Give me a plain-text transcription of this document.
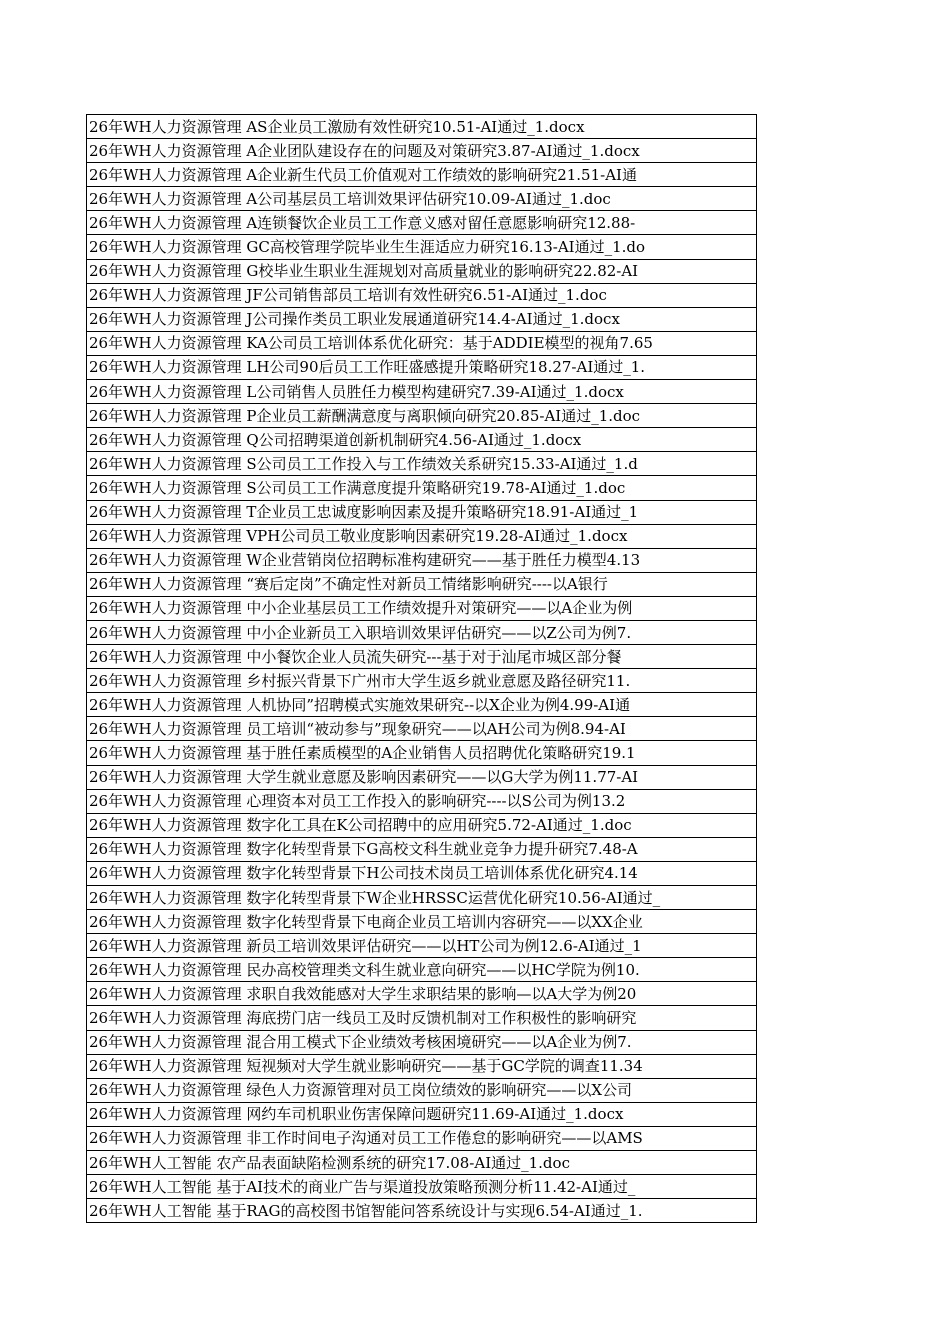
26年WH人力资源管理 AS企业员工激励有效性研究10.51-AI通过_1.docx
26年WH人力资源管理 A企业团队建设存在的问题及对策研究3.87-AI通过_1.docx
26年WH人力资源管理 A企业新生代员工价值观对工作绩效的影响研究21.51-AI通
26年WH人力资源管理 A公司基层员工培训效果评估研究10.09-AI通过_1.doc
26年WH人力资源管理 A连锁餐饮企业员工工作意义感对留任意愿影响研究12.88-
26年WH人力资源管理 GC高校管理学院毕业生生涯适应力研究16.13-AI通过_1.do
26年WH人力资源管理 G校毕业生职业生涯规划对高质量就业的影响研究22.82-AI
26年WH人力资源管理 JF公司销售部员工培训有效性研究6.51-AI通过_1.doc
26年WH人力资源管理 J公司操作类员工职业发展通道研究14.4-AI通过_1.docx
26年WH人力资源管理 KA公司员工培训体系优化研究：基于ADDIE模型的视角7.65
26年WH人力资源管理 LH公司90后员工工作旺盛感提升策略研究18.27-AI通过_1.
26年WH人力资源管理 L公司销售人员胜任力模型构建研究7.39-AI通过_1.docx
26年WH人力资源管理 P企业员工薪酬满意度与离职倾向研究20.85-AI通过_1.doc
26年WH人力资源管理 Q公司招聘渠道创新机制研究4.56-AI通过_1.docx
26年WH人力资源管理 S公司员工工作投入与工作绩效关系研究15.33-AI通过_1.d
26年WH人力资源管理 S公司员工工作满意度提升策略研究19.78-AI通过_1.doc
26年WH人力资源管理 T企业员工忠诚度影响因素及提升策略研究18.91-AI通过_1
26年WH人力资源管理 VPH公司员工敬业度影响因素研究19.28-AI通过_1.docx
26年WH人力资源管理 W企业营销岗位招聘标准构建研究——基于胜任力模型4.13
26年WH人力资源管理 “赛后定岗”不确定性对新员工情绪影响研究----以A银行
26年WH人力资源管理 中小企业基层员工工作绩效提升对策研究——以A企业为例
26年WH人力资源管理 中小企业新员工入职培训效果评估研究——以Z公司为例7.
26年WH人力资源管理 中小餐饮企业人员流失研究---基于对于汕尾市城区部分餐
26年WH人力资源管理 乡村振兴背景下广州市大学生返乡就业意愿及路径研究11.
26年WH人力资源管理 人机协同”招聘模式实施效果研究--以X企业为例4.99-AI通
26年WH人力资源管理 员工培训“被动参与”现象研究——以AH公司为例8.94-AI
26年WH人力资源管理 基于胜任素质模型的A企业销售人员招聘优化策略研究19.1
26年WH人力资源管理 大学生就业意愿及影响因素研究——以G大学为例11.77-AI
26年WH人力资源管理 心理资本对员工工作投入的影响研究----以S公司为例13.2
26年WH人力资源管理 数字化工具在K公司招聘中的应用研究5.72-AI通过_1.doc
26年WH人力资源管理 数字化转型背景下G高校文科生就业竞争力提升研究7.48-A
26年WH人力资源管理 数字化转型背景下H公司技术岗员工培训体系优化研究4.14
26年WH人力资源管理 数字化转型背景下W企业HRSSC运营优化研究10.56-AI通过_
26年WH人力资源管理 数字化转型背景下电商企业员工培训内容研究——以XX企业
26年WH人力资源管理 新员工培训效果评估研究——以HT公司为例12.6-AI通过_1
26年WH人力资源管理 民办高校管理类文科生就业意向研究——以HC学院为例10.
26年WH人力资源管理 求职自我效能感对大学生求职结果的影响—以A大学为例20
26年WH人力资源管理 海底捞门店一线员工及时反馈机制对工作积极性的影响研究
26年WH人力资源管理 混合用工模式下企业绩效考核困境研究——以A企业为例7.
26年WH人力资源管理 短视频对大学生就业影响研究——基于GC学院的调查11.34
26年WH人力资源管理 绿色人力资源管理对员工岗位绩效的影响研究——以X公司
26年WH人力资源管理 网约车司机职业伤害保障问题研究11.69-AI通过_1.docx
26年WH人力资源管理 非工作时间电子沟通对员工工作倦怠的影响研究——以AMS
26年WH人工智能 农产品表面缺陷检测系统的研究17.08-AI通过_1.doc
26年WH人工智能 基于AI技术的商业广告与渠道投放策略预测分析11.42-AI通过_
26年WH人工智能 基于RAG的高校图书馆智能问答系统设计与实现6.54-AI通过_1.
